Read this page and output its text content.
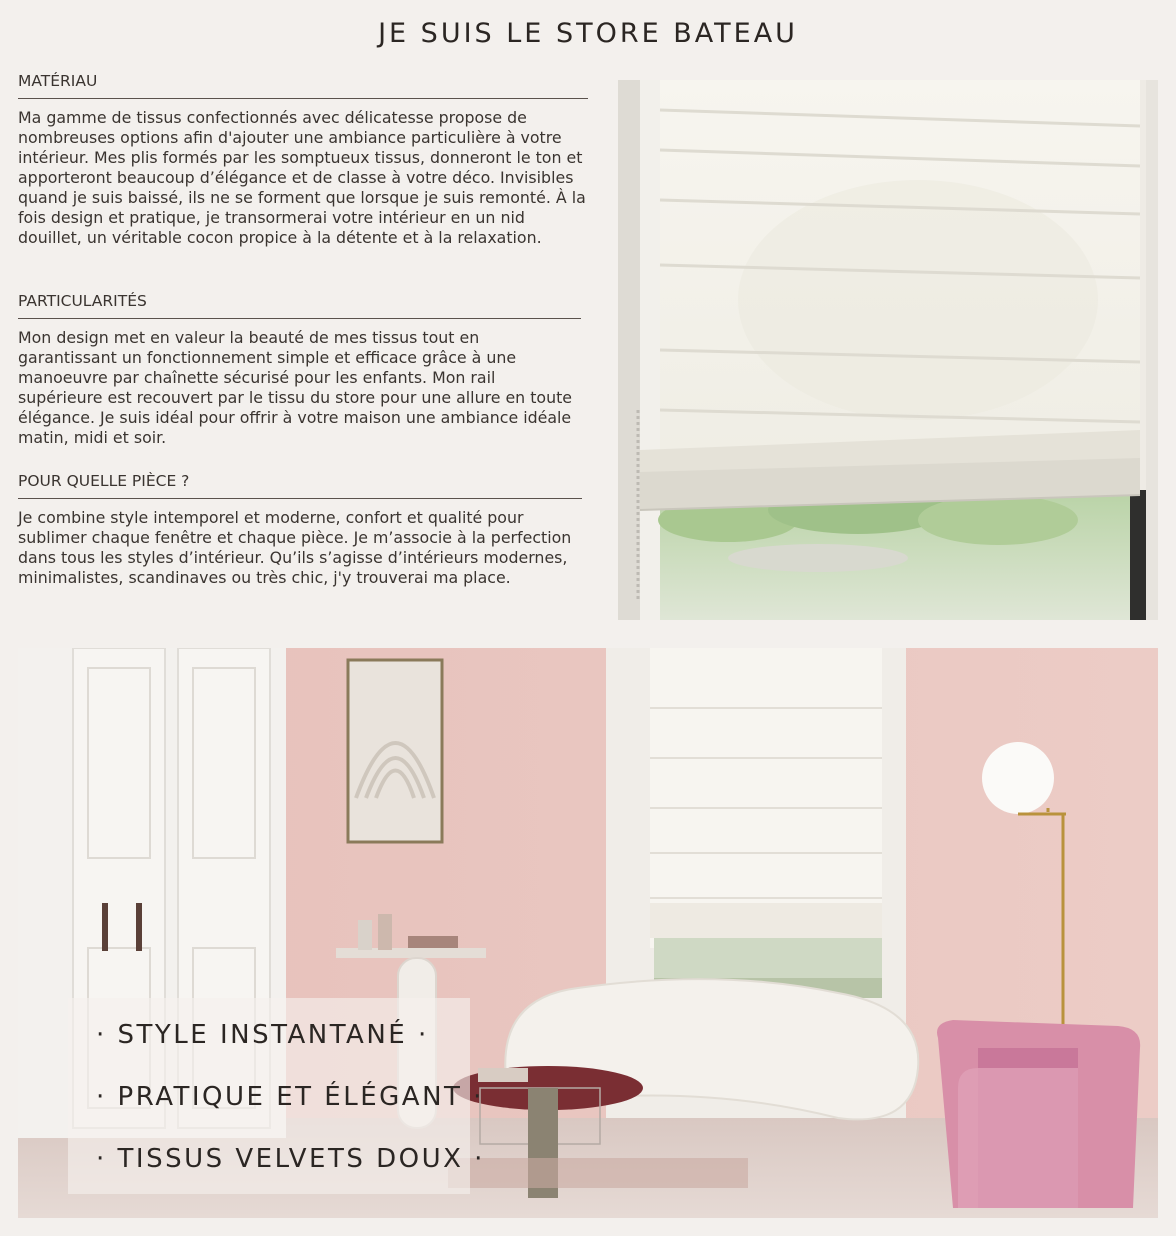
JE SUIS LE STORE BATEAU
MATÉRIAU

Ma gamme de tissus confectionnés avec délicatesse propose de nombreuses options afin d'ajouter une ambiance particulière à votre intérieur. Mes plis formés par les somptueux tissus, donneront le ton et apporteront beaucoup d’élégance et de classe à votre déco. Invisibles quand je suis baissé, ils ne se forment que lorsque je suis remonté. À la fois design et pratique, je transormerai votre intérieur en un nid douillet, un véritable cocon propice à la détente et à la relaxation.

PARTICULARITÉS

Mon design met en valeur la beauté de mes tissus tout en garantissant un fonctionnement simple et efficace grâce à une manoeuvre par chaînette sécurisé pour les enfants. Mon rail supérieure est recouvert par le tissu du store pour une allure en toute élégance. Je suis idéal pour offrir à votre maison une ambiance idéale matin, midi et soir.

POUR QUELLE PIÈCE ?

Je combine style intemporel et moderne, confort et qualité pour sublimer chaque fenêtre et chaque pièce. Je m’associe à la perfection dans tous les styles d’intérieur. Qu’ils s’agisse d’intérieurs modernes, minimalistes, scandinaves ou très chic, j'y trouverai ma place.

· STYLE INSTANTANÉ ·

· PRATIQUE ET ÉLÉGANT ·

· TISSUS VELVETS DOUX ·
